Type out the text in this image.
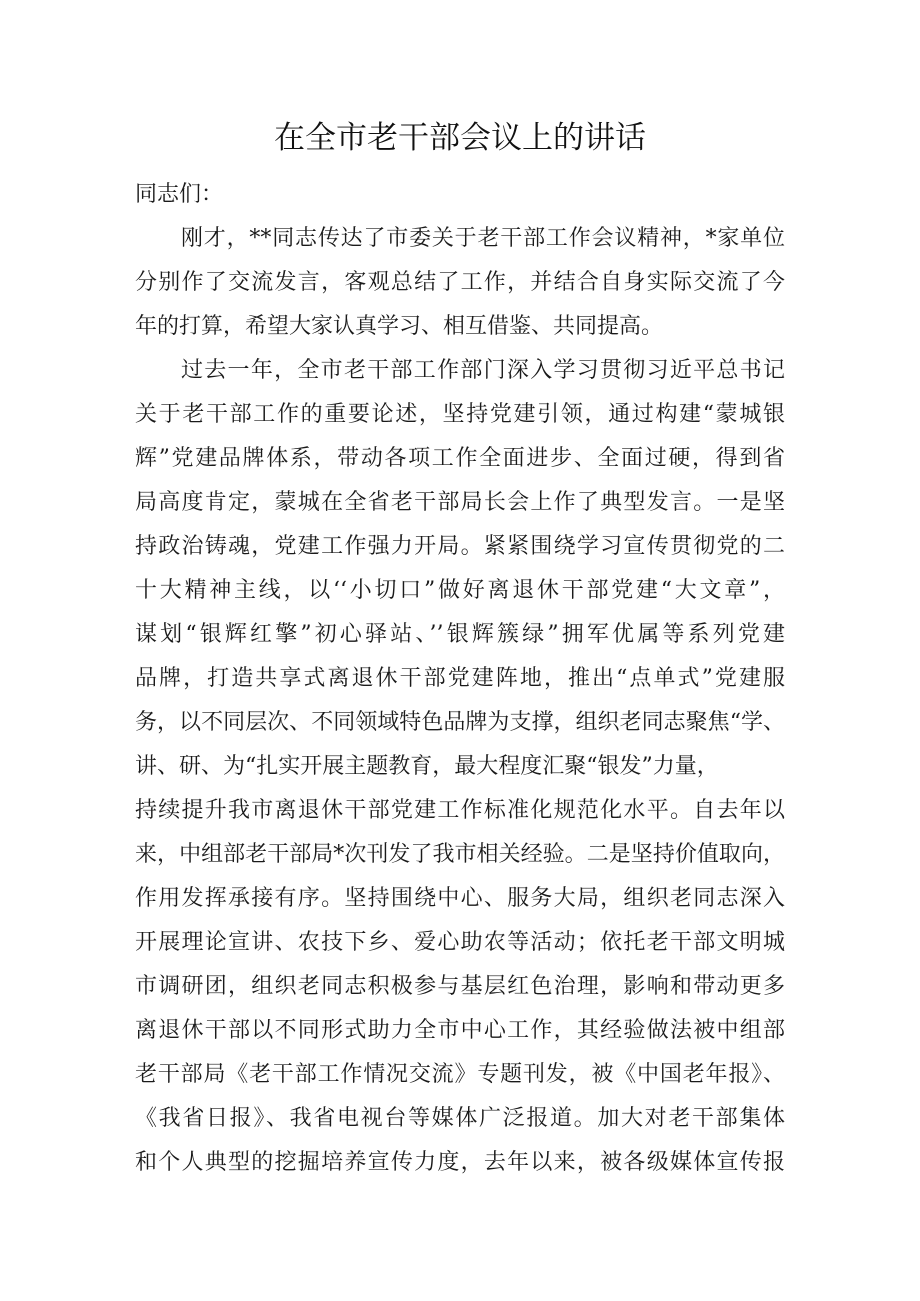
在全市老干部会议上的讲话

同志们：

刚才，**同志传达了市委关于老干部工作会议精神，*家单位

分别作了交流发言，客观总结了工作，并结合自身实际交流了今

年的打算，希望大家认真学习、相互借鉴、共同提高。

过去一年，全市老干部工作部门深入学习贯彻习近平总书记

关于老干部工作的重要论述，坚持党建引领，通过构建“蒙城银

辉”党建品牌体系，带动各项工作全面进步、全面过硬，得到省

局高度肯定，蒙城在全省老干部局长会上作了典型发言。一是坚

持政治铸魂，党建工作强力开局。紧紧围绕学习宣传贯彻党的二

十大精神主线，以‘‘小切口”做好离退休干部党建“大文章”，

谋划“银辉红擎”初心驿站、’’银辉簇绿”拥军优属等系列党建

品牌，打造共享式离退休干部党建阵地，推出“点单式”党建服

务，以不同层次、不同领域特色品牌为支撑，组织老同志聚焦“学、

讲、研、为“扎实开展主题教育，最大程度汇聚“银发”力量，

持续提升我市离退休干部党建工作标准化规范化水平。自去年以

来，中组部老干部局*次刊发了我市相关经验。二是坚持价值取向，

作用发挥承接有序。坚持围绕中心、服务大局，组织老同志深入

开展理论宣讲、农技下乡、爱心助农等活动；依托老干部文明城

市调研团，组织老同志积极参与基层红色治理，影响和带动更多

离退休干部以不同形式助力全市中心工作，其经验做法被中组部

老干部局《老干部工作情况交流》专题刊发，被《中国老年报》、

《我省日报》、我省电视台等媒体广泛报道。加大对老干部集体

和个人典型的挖掘培养宣传力度，去年以来，被各级媒体宣传报
